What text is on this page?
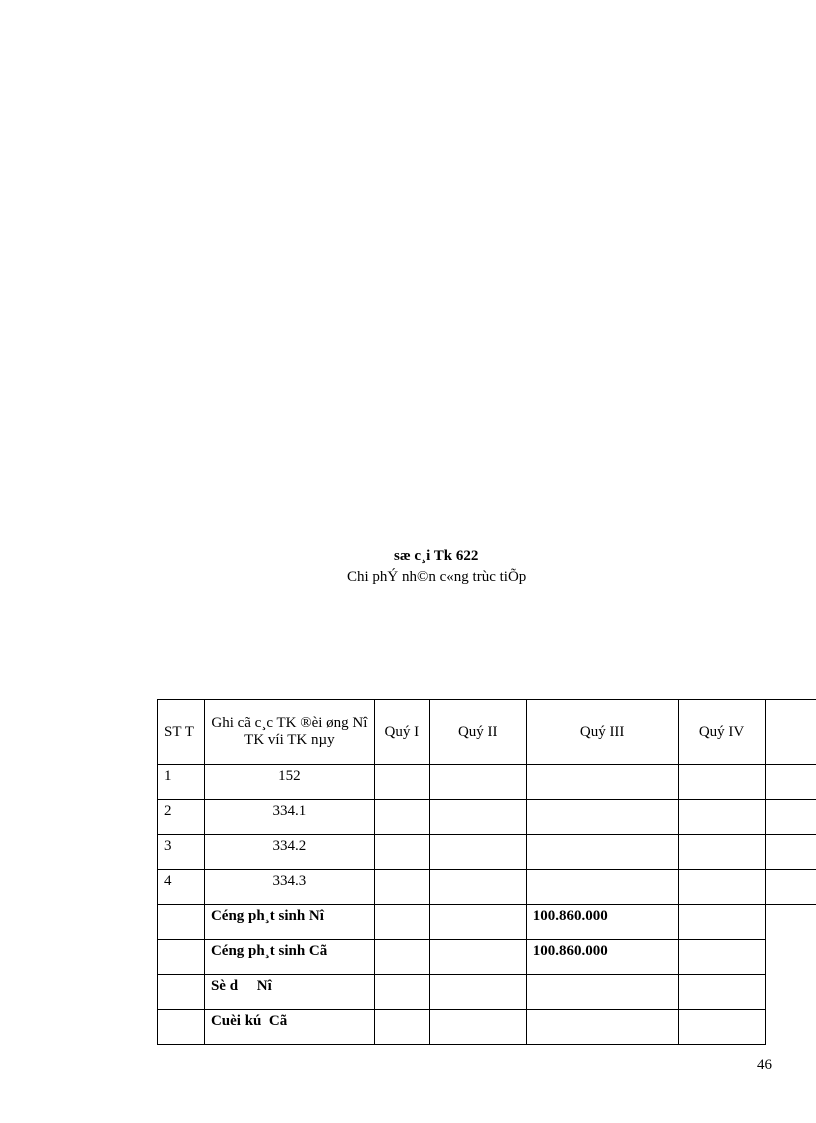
sæ c¸i Tk 622
Chi phÝ nh©n c«ng trùc tiÕp
ST T	Ghi cã c¸c TK ®èi øng Nî TK víi TK nµy	Quý I	Quý II	Quý III	Quý IV	
1	152					
2	334.1					
3	334.2					
4	334.3					
	Céng ph¸t sinh Nî			100.860.000		
	Céng ph¸t sinh Cã			100.860.000		
	Sè d     Nî					
	Cuèi kú  Cã					
46
